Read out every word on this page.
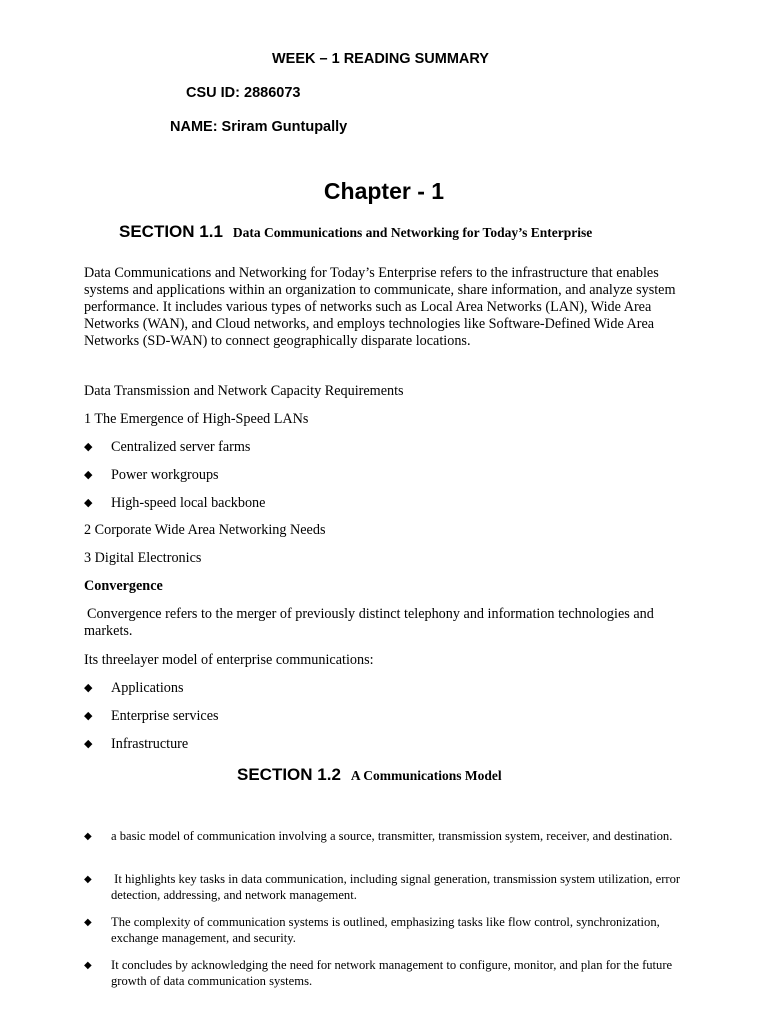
WEEK – 1 READING SUMMARY
CSU ID: 2886073
NAME: Sriram Guntupally
Chapter - 1
SECTION 1.1 Data Communications and Networking for Today’s Enterprise
Data Communications and Networking for Today’s Enterprise refers to the infrastructure that enables systems and applications within an organization to communicate, share information, and analyze system performance. It includes various types of networks such as Local Area Networks (LAN), Wide Area Networks (WAN), and Cloud networks, and employs technologies like Software-Defined Wide Area Networks (SD-WAN) to connect geographically disparate locations.
Data Transmission and Network Capacity Requirements
1 The Emergence of High-Speed LANs
◆ Centralized server farms
◆ Power workgroups
◆ High-speed local backbone
2 Corporate Wide Area Networking Needs
3 Digital Electronics
Convergence
Convergence refers to the merger of previously distinct telephony and information technologies and markets.
Its threelayer model of enterprise communications:
◆ Applications
◆ Enterprise services
◆ Infrastructure
SECTION 1.2 A Communications Model
◆ a basic model of communication involving a source, transmitter, transmission system, receiver, and destination.
◆ It highlights key tasks in data communication, including signal generation, transmission system utilization, error detection, addressing, and network management.
◆ The complexity of communication systems is outlined, emphasizing tasks like flow control, synchronization, exchange management, and security.
◆ It concludes by acknowledging the need for network management to configure, monitor, and plan for the future growth of data communication systems.
